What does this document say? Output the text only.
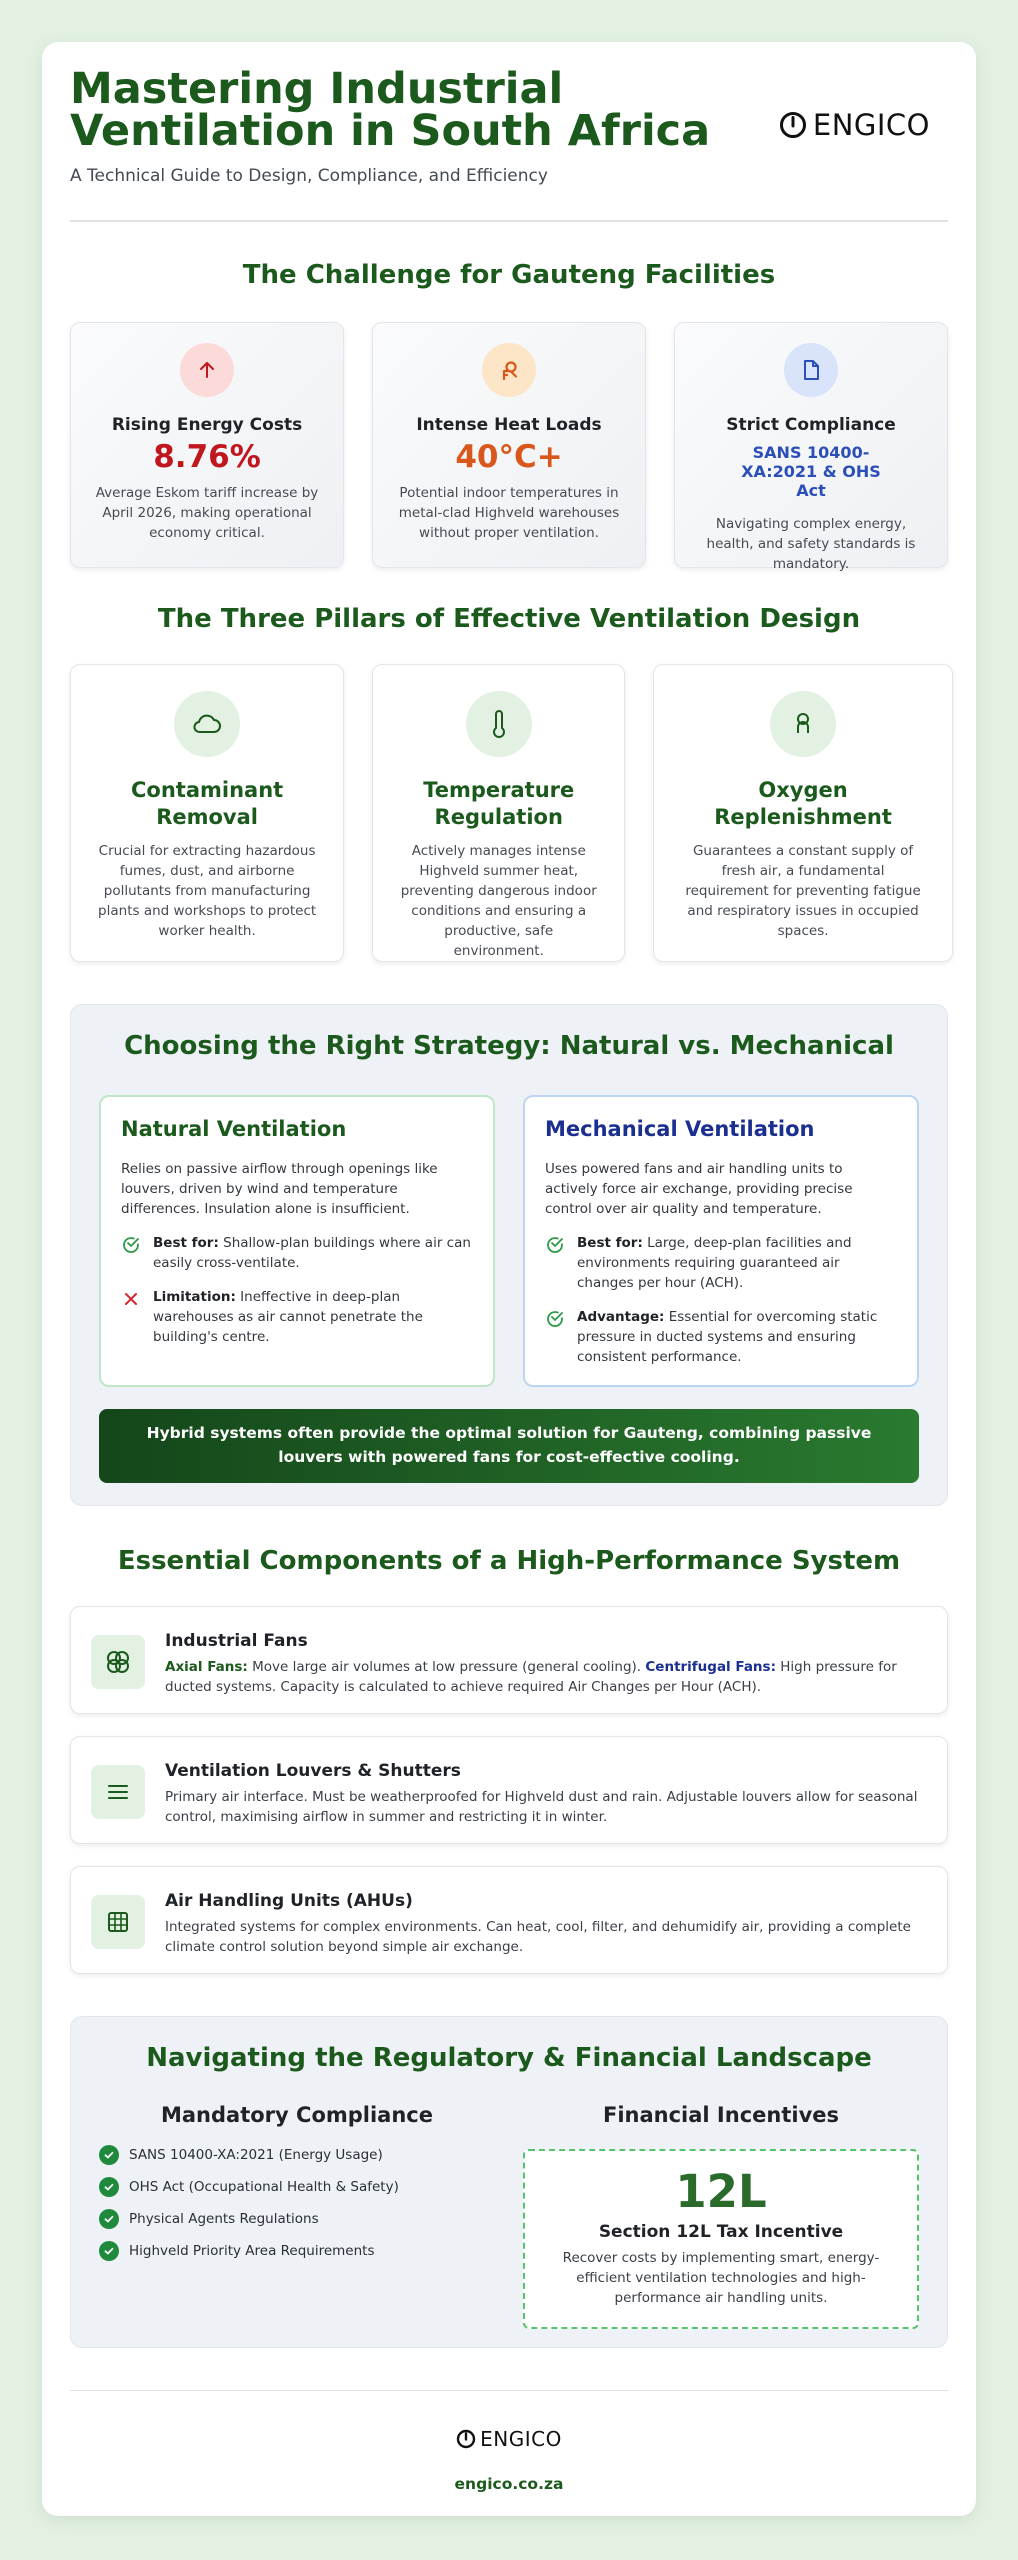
Mastering Industrial
Ventilation in South Africa
A Technical Guide to Design, Compliance, and Efficiency
ENGICO
The Challenge for Gauteng Facilities
Rising Energy Costs
8.76%
Average Eskom tariff increase by April 2026, making operational economy critical.
Intense Heat Loads
40°C+
Potential indoor temperatures in metal-clad Highveld warehouses without proper ventilation.
Strict Compliance
SANS 10400-XA:2021 & OHS Act
Navigating complex energy, health, and safety standards is mandatory.
The Three Pillars of Effective Ventilation Design
Contaminant Removal
Crucial for extracting hazardous fumes, dust, and airborne pollutants from manufacturing plants and workshops to protect worker health.
Temperature Regulation
Actively manages intense Highveld summer heat, preventing dangerous indoor conditions and ensuring a productive, safe environment.
Oxygen Replenishment
Guarantees a constant supply of fresh air, a fundamental requirement for preventing fatigue and respiratory issues in occupied spaces.
Choosing the Right Strategy: Natural vs. Mechanical
Natural Ventilation
Relies on passive airflow through openings like louvers, driven by wind and temperature differences. Insulation alone is insufficient.
Best for: Shallow-plan buildings where air can easily cross-ventilate.
Limitation: Ineffective in deep-plan warehouses as air cannot penetrate the building's centre.
Mechanical Ventilation
Uses powered fans and air handling units to actively force air exchange, providing precise control over air quality and temperature.
Best for: Large, deep-plan facilities and environments requiring guaranteed air changes per hour (ACH).
Advantage: Essential for overcoming static pressure in ducted systems and ensuring consistent performance.
Hybrid systems often provide the optimal solution for Gauteng, combining passive louvers with powered fans for cost-effective cooling.
Essential Components of a High-Performance System
Industrial Fans
Axial Fans: Move large air volumes at low pressure (general cooling). Centrifugal Fans: High pressure for ducted systems. Capacity is calculated to achieve required Air Changes per Hour (ACH).
Ventilation Louvers & Shutters
Primary air interface. Must be weatherproofed for Highveld dust and rain. Adjustable louvers allow for seasonal control, maximising airflow in summer and restricting it in winter.
Air Handling Units (AHUs)
Integrated systems for complex environments. Can heat, cool, filter, and dehumidify air, providing a complete climate control solution beyond simple air exchange.
Navigating the Regulatory & Financial Landscape
Mandatory Compliance
SANS 10400-XA:2021 (Energy Usage)
OHS Act (Occupational Health & Safety)
Physical Agents Regulations
Highveld Priority Area Requirements
Financial Incentives
12L
Section 12L Tax Incentive
Recover costs by implementing smart, energy-efficient ventilation technologies and high-performance air handling units.
ENGICO
engico.co.za
